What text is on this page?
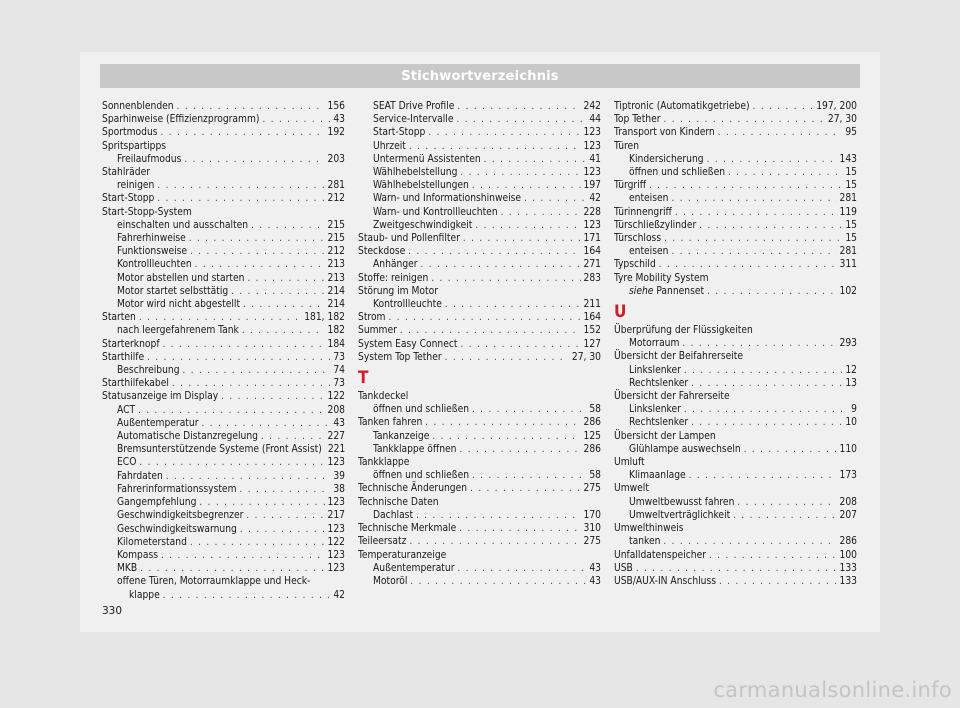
Stichwortverzeichnis
Sonnenblenden . . .	156
Sparhinweise (Effizienzprogramm) . . .	43
Sportmodus . . .	192
Spritspartipps
Freilaufmodus . . .	203
Stahlräder
reinigen . . .	281
Start-Stopp . . .	212
Start-Stopp-System
einschalten und ausschalten . . .	215
Fahrerhinweise . . .	215
Funktionsweise . . .	212
Kontrollleuchten . . .	213
Motor abstellen und starten . . .	213
Motor startet selbsttätig . . .	214
Motor wird nicht abgestellt . . .	214
Starten . . .	181, 182
nach leergefahrenem Tank . . .	182
Starterknopf . . .	184
Starthilfe . . .	73
Beschreibung . . .	74
Starthilfekabel . . .	73
Statusanzeige im Display . . .	122
ACT . . .	208
Außentemperatur . . .	43
Automatische Distanzregelung . . .	227
Bremsunterstützende Systeme (Front Assist) 221
ECO . . .	123
Fahrdaten . . .	39
Fahrerinformationssystem . . .	38
Gangempfehlung . . .	123
Geschwindigkeitsbegrenzer . . .	217
Geschwindigkeitswarnung . . .	123
Kilometerstand . . .	122
Kompass . . .	123
MKB . . .	123
offene Türen, Motorraumklappe und Heck-
klappe . . .	42
SEAT Drive Profile . . .	242
Service-Intervalle . . .	44
Start-Stopp . . .	123
Uhrzeit . . .	123
Untermenü Assistenten . . .	41
Wählhebelstellung . . .	123
Wählhebelstellungen . . .	197
Warn- und Informationshinweise . . .	42
Warn- und Kontrollleuchten . . .	228
Zweitgeschwindigkeit . . .	123
Staub- und Pollenfilter . . .	171
Steckdose . . .	164
Anhänger . . .	271
Stoffe: reinigen . . .	283
Störung im Motor
Kontrollleuchte . . .	211
Strom . . .	164
Summer . . .	152
System Easy Connect . . .	127
System Top Tether . . .	27, 30
T
Tankdeckel
öffnen und schließen . . .	58
Tanken fahren . . .	286
Tankanzeige . . .	125
Tankklappe öffnen . . .	286
Tankklappe
öffnen und schließen . . .	58
Technische Änderungen . . .	275
Technische Daten
Dachlast . . .	170
Technische Merkmale . . .	310
Teileersatz . . .	275
Temperaturanzeige
Außentemperatur . . .	43
Motoröl . . .	43
Tiptronic (Automatikgetriebe) . . .	197, 200
Top Tether . . .	27, 30
Transport von Kindern . . .	95
Türen
Kindersicherung . . .	143
öffnen und schließen . . .	15
Türgriff . . .	15
enteisen . . .	281
Türinnengriff . . .	119
Türschließzylinder . . .	15
Türschloss . . .	15
enteisen . . .	281
Typschild . . .	311
Tyre Mobility System
siehe Pannenset . . .	102
U
Überprüfung der Flüssigkeiten
Motorraum . . .	293
Übersicht der Beifahrerseite
Linkslenker . . .	12
Rechtslenker . . .	13
Übersicht der Fahrerseite
Linkslenker . . .	9
Rechtslenker . . .	10
Übersicht der Lampen
Glühlampe auswechseln . . .	110
Umluft
Klimaanlage . . .	173
Umwelt
Umweltbewusst fahren . . .	208
Umweltverträglichkeit . . .	207
Umwelthinweis
tanken . . .	286
Unfalldatenspeicher . . .	100
USB . . .	133
USB/AUX-IN Anschluss . . .	133
330
carmanualsonline.info
